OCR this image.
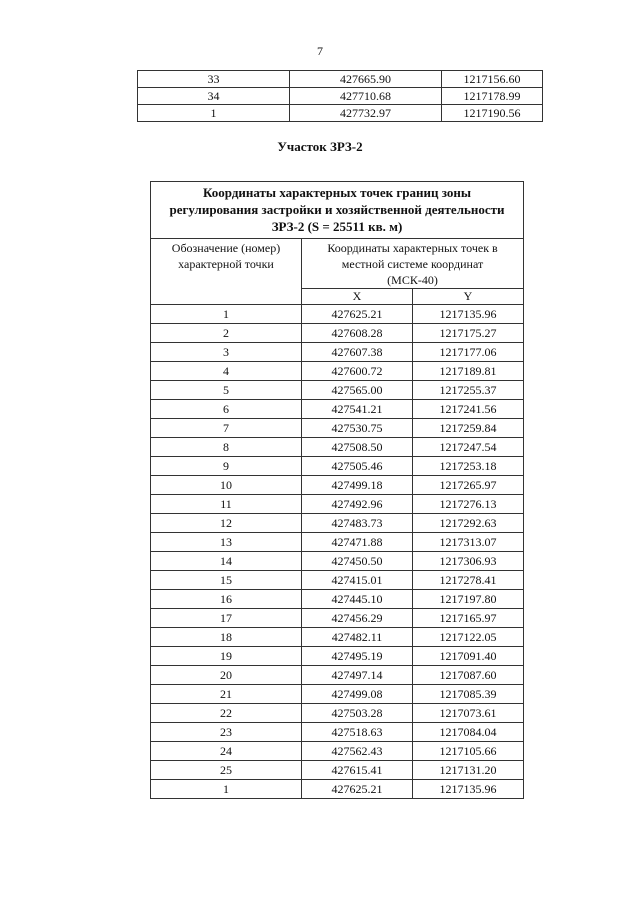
7
33	427665.90	1217156.60
34	427710.68	1217178.99
1	427732.97	1217190.56
Участок ЗРЗ-2
Координаты характерных точек границ зоны
регулирования застройки и хозяйственной деятельности
ЗРЗ-2 (S = 25511 кв. м)		
Обозначение (номер)
характерной точки	Координаты характерных точек в
местной системе координат
(МСК-40)	
	X	Y
1	427625.21	1217135.96
2	427608.28	1217175.27
3	427607.38	1217177.06
4	427600.72	1217189.81
5	427565.00	1217255.37
6	427541.21	1217241.56
7	427530.75	1217259.84
8	427508.50	1217247.54
9	427505.46	1217253.18
10	427499.18	1217265.97
11	427492.96	1217276.13
12	427483.73	1217292.63
13	427471.88	1217313.07
14	427450.50	1217306.93
15	427415.01	1217278.41
16	427445.10	1217197.80
17	427456.29	1217165.97
18	427482.11	1217122.05
19	427495.19	1217091.40
20	427497.14	1217087.60
21	427499.08	1217085.39
22	427503.28	1217073.61
23	427518.63	1217084.04
24	427562.43	1217105.66
25	427615.41	1217131.20
1	427625.21	1217135.96
